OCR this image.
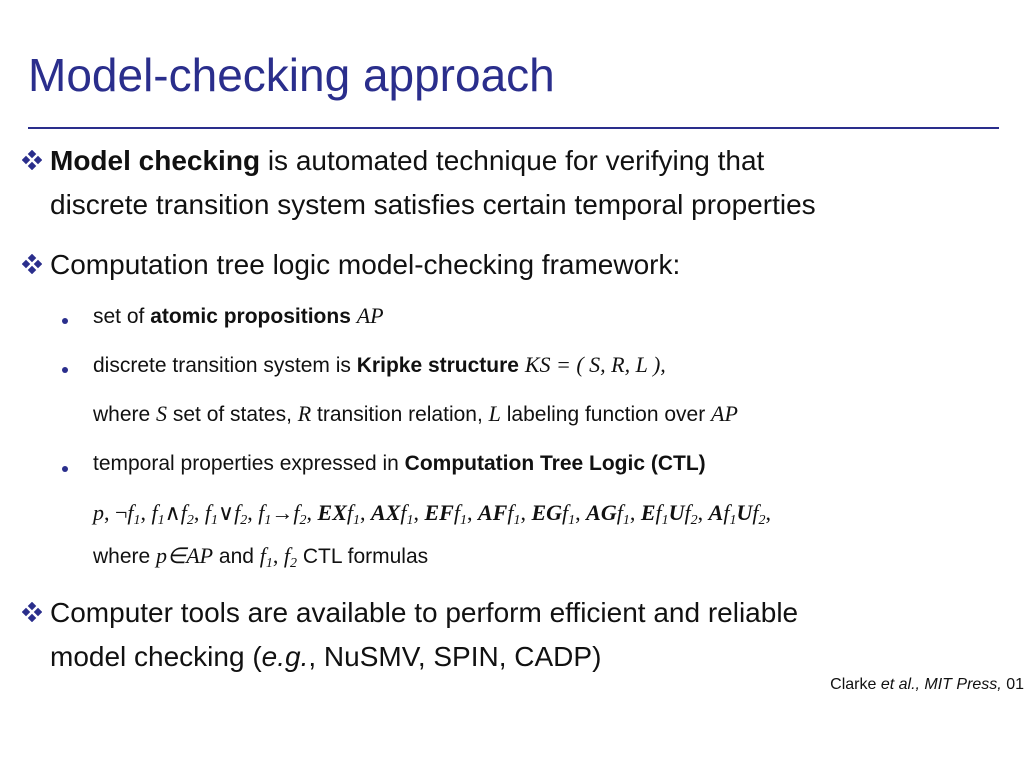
Model-checking approach
Model checking is automated technique for verifying that
discrete transition system satisfies certain temporal properties
Computation tree logic model-checking framework:
set of atomic propositions AP
discrete transition system is Kripke structure KS = ( S, R, L ),
where S set of states, R transition relation, L labeling function over AP
temporal properties expressed in Computation Tree Logic (CTL)
p, ¬f1, f1∧f2, f1∨f2, f1→f2, EXf1, AXf1, EFf1, AFf1, EGf1, AGf1, Ef1Uf2, Af1Uf2,
where p∈AP and f1, f2 CTL formulas
Computer tools are available to perform efficient and reliable
model checking (e.g., NuSMV, SPIN, CADP)
Clarke et al., MIT Press, 01
